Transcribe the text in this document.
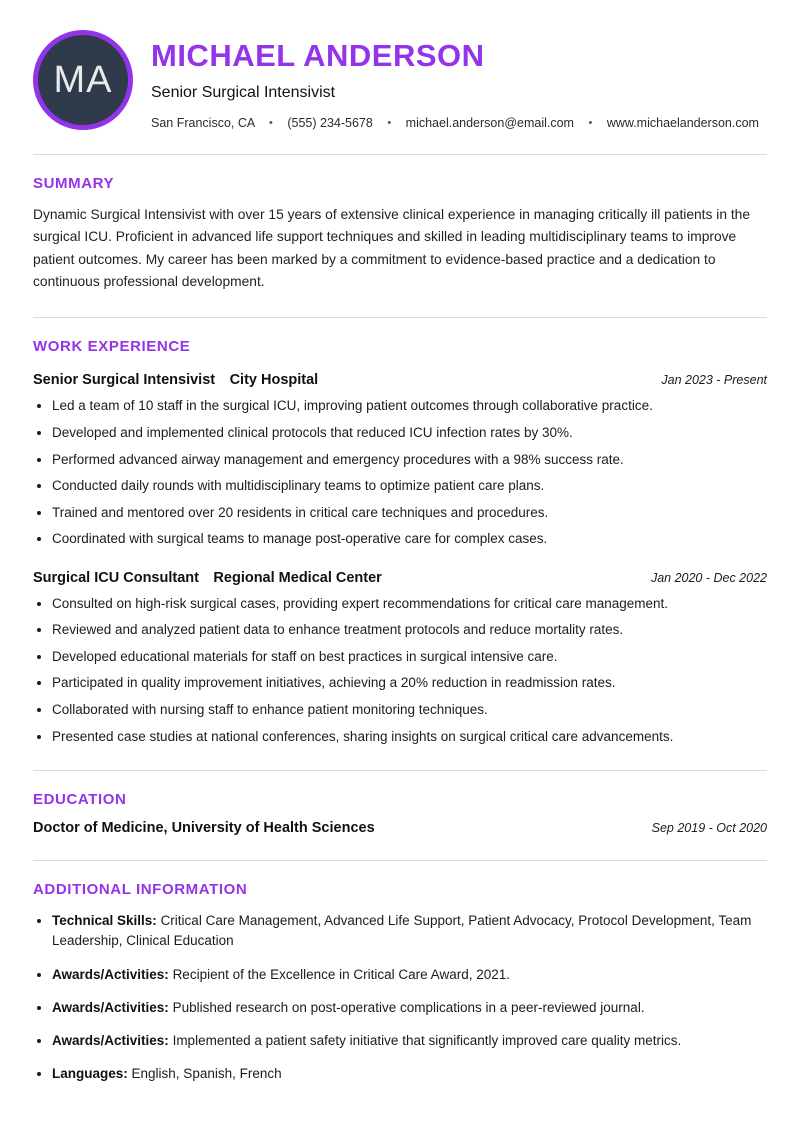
MA
MICHAEL ANDERSON
Senior Surgical Intensivist
San Francisco, CA • (555) 234-5678 • michael.anderson@email.com • www.michaelanderson.com
SUMMARY

Dynamic Surgical Intensivist with over 15 years of extensive clinical experience in managing critically ill patients in the surgical ICU. Proficient in advanced life support techniques and skilled in leading multidisciplinary teams to improve patient outcomes. My career has been marked by a commitment to evidence-based practice and a dedication to continuous professional development.

WORK EXPERIENCE
Senior Surgical Intensivist City Hospital	Jan 2023 - Present
• Led a team of 10 staff in the surgical ICU, improving patient outcomes through collaborative practice.
• Developed and implemented clinical protocols that reduced ICU infection rates by 30%.
• Performed advanced airway management and emergency procedures with a 98% success rate.
• Conducted daily rounds with multidisciplinary teams to optimize patient care plans.
• Trained and mentored over 20 residents in critical care techniques and procedures.
• Coordinated with surgical teams to manage post-operative care for complex cases.
Surgical ICU Consultant Regional Medical Center	Jan 2020 - Dec 2022
• Consulted on high-risk surgical cases, providing expert recommendations for critical care management.
• Reviewed and analyzed patient data to enhance treatment protocols and reduce mortality rates.
• Developed educational materials for staff on best practices in surgical intensive care.
• Participated in quality improvement initiatives, achieving a 20% reduction in readmission rates.
• Collaborated with nursing staff to enhance patient monitoring techniques.
• Presented case studies at national conferences, sharing insights on surgical critical care advancements.
EDUCATION
Doctor of Medicine, University of Health Sciences	Sep 2019 - Oct 2020
ADDITIONAL INFORMATION
• Technical Skills: Critical Care Management, Advanced Life Support, Patient Advocacy, Protocol Development, Team Leadership, Clinical Education
• Awards/Activities: Recipient of the Excellence in Critical Care Award, 2021.
• Awards/Activities: Published research on post-operative complications in a peer-reviewed journal.
• Awards/Activities: Implemented a patient safety initiative that significantly improved care quality metrics.
• Languages: English, Spanish, French
